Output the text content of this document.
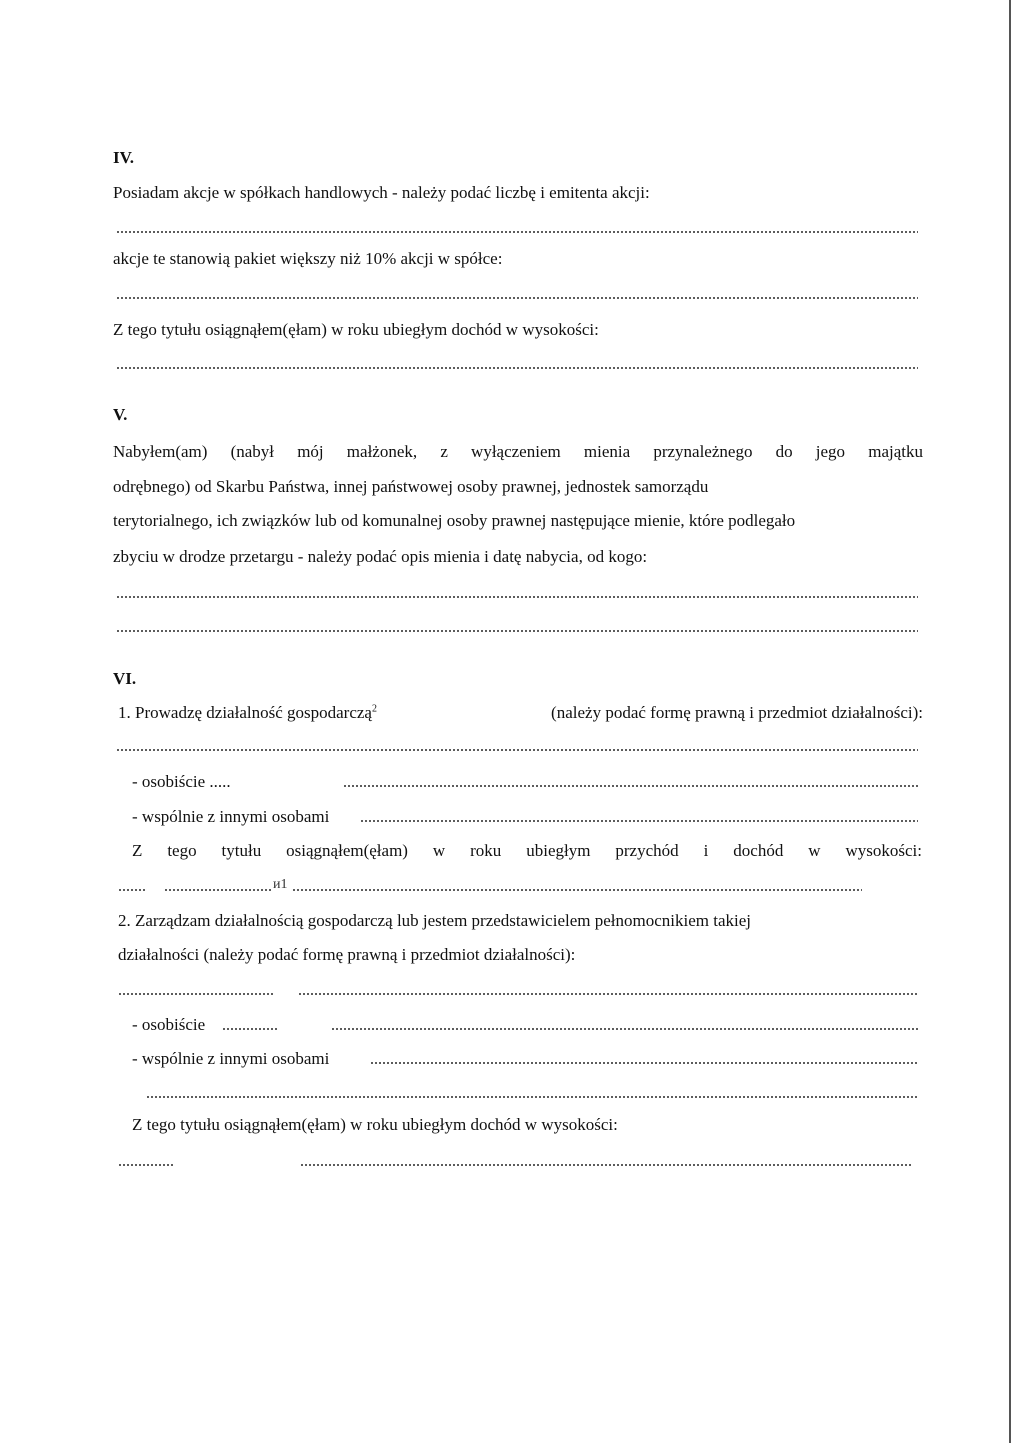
IV.
Posiadam akcje w spółkach handlowych - należy podać liczbę i emitenta akcji:
akcje te stanowią pakiet większy niż 10% akcji w spółce:
Z tego tytułu osiągnąłem(ęłam) w roku ubiegłym dochód w wysokości:
V.
Nabyłem(am) (nabył mój małżonek, z wyłączeniem mienia przynależnego do jego majątku
odrębnego) od Skarbu Państwa, innej państwowej osoby prawnej, jednostek samorządu
terytorialnego, ich związków lub od komunalnej osoby prawnej następujące mienie, które podlegało
zbyciu w drodze przetargu - należy podać opis mienia i datę nabycia, od kogo:
VI.
1. Prowadzę działalność gospodarczą$^2$	(należy podać formę prawną i przedmiot działalności):
- osobiście .....
- wspólnie z innymi osobami
Z tego tytułu osiągnąłem(ęłam) w roku ubiegłym przychód i dochód w wysokości:
ᴎ1
2. Zarządzam działalnością gospodarczą lub jestem przedstawicielem pełnomocnikiem takiej
działalności (należy podać formę prawną i przedmiot działalności):
- osobiście
- wspólnie z innymi osobami
Z tego tytułu osiągnąłem(ęłam) w roku ubiegłym dochód w wysokości:
